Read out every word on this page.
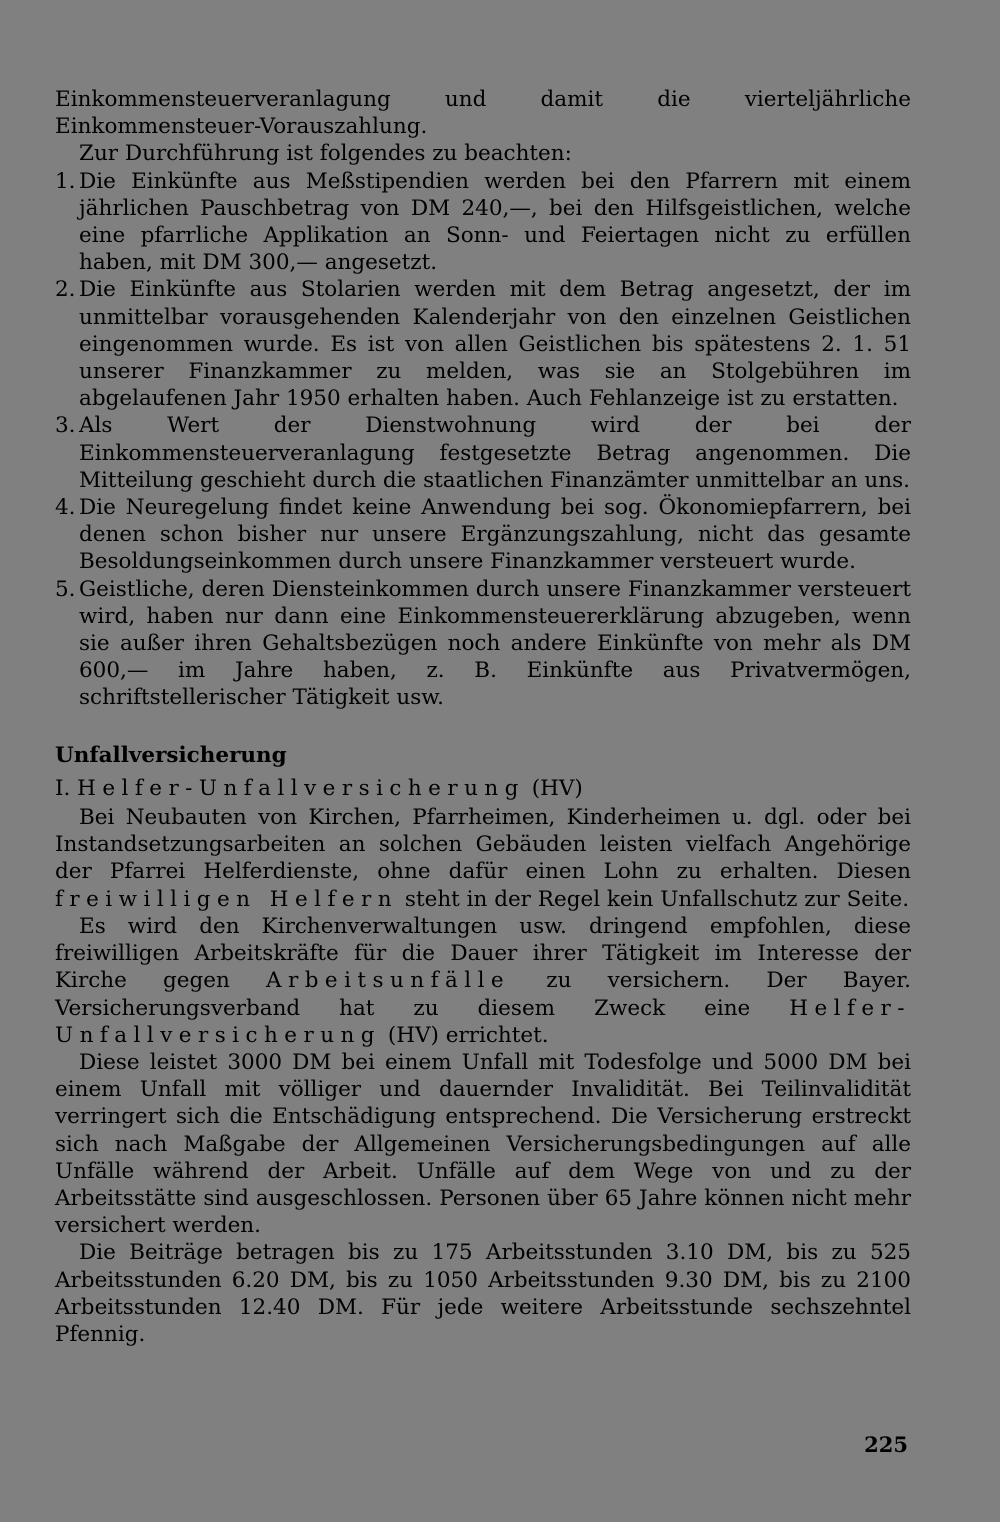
Einkommensteuerveranlagung und damit die vierteljährliche Einkommensteuer-Vorauszahlung.

Zur Durchführung ist folgendes zu beachten:

1. Die Einkünfte aus Meßstipendien werden bei den Pfarrern mit einem jährlichen Pauschbetrag von DM 240,—, bei den Hilfsgeistlichen, welche eine pfarrliche Applikation an Sonn- und Feiertagen nicht zu erfüllen haben, mit DM 300,— angesetzt.
2. Die Einkünfte aus Stolarien werden mit dem Betrag angesetzt, der im unmittelbar vorausgehenden Kalenderjahr von den einzelnen Geistlichen eingenommen wurde. Es ist von allen Geistlichen bis spätestens 2. 1. 51 unserer Finanzkammer zu melden, was sie an Stolgebühren im abgelaufenen Jahr 1950 erhalten haben. Auch Fehlanzeige ist zu erstatten.
3. Als Wert der Dienstwohnung wird der bei der Einkommensteuerveranlagung festgesetzte Betrag angenommen. Die Mitteilung geschieht durch die staatlichen Finanzämter unmittelbar an uns.
4. Die Neuregelung findet keine Anwendung bei sog. Ökonomiepfarrern, bei denen schon bisher nur unsere Ergänzungszahlung, nicht das gesamte Besoldungseinkommen durch unsere Finanzkammer versteuert wurde.
5. Geistliche, deren Diensteinkommen durch unsere Finanzkammer versteuert wird, haben nur dann eine Einkommensteuererklärung abzugeben, wenn sie außer ihren Gehaltsbezügen noch andere Einkünfte von mehr als DM 600,— im Jahre haben, z. B. Einkünfte aus Privatvermögen, schriftstellerischer Tätigkeit usw.
Unfallversicherung

I. Helfer-Unfallversicherung (HV)

Bei Neubauten von Kirchen, Pfarrheimen, Kinderheimen u. dgl. oder bei Instandsetzungsarbeiten an solchen Gebäuden leisten vielfach Angehörige der Pfarrei Helferdienste, ohne dafür einen Lohn zu erhalten. Diesen freiwilligen Helfern steht in der Regel kein Unfallschutz zur Seite.

Es wird den Kirchenverwaltungen usw. dringend empfohlen, diese freiwilligen Arbeitskräfte für die Dauer ihrer Tätigkeit im Interesse der Kirche gegen Arbeitsunfälle zu versichern. Der Bayer. Versicherungsverband hat zu diesem Zweck eine Helfer-Unfallversicherung (HV) errichtet.

Diese leistet 3000 DM bei einem Unfall mit Todesfolge und 5000 DM bei einem Unfall mit völliger und dauernder Invalidität. Bei Teilinvalidität verringert sich die Entschädigung entsprechend. Die Versicherung erstreckt sich nach Maßgabe der Allgemeinen Versicherungsbedingungen auf alle Unfälle während der Arbeit. Unfälle auf dem Wege von und zu der Arbeitsstätte sind ausgeschlossen. Personen über 65 Jahre können nicht mehr versichert werden.

Die Beiträge betragen bis zu 175 Arbeitsstunden 3.10 DM, bis zu 525 Arbeitsstunden 6.20 DM, bis zu 1050 Arbeitsstunden 9.30 DM, bis zu 2100 Arbeitsstunden 12.40 DM. Für jede weitere Arbeitsstunde sechszehntel Pfennig.

225
